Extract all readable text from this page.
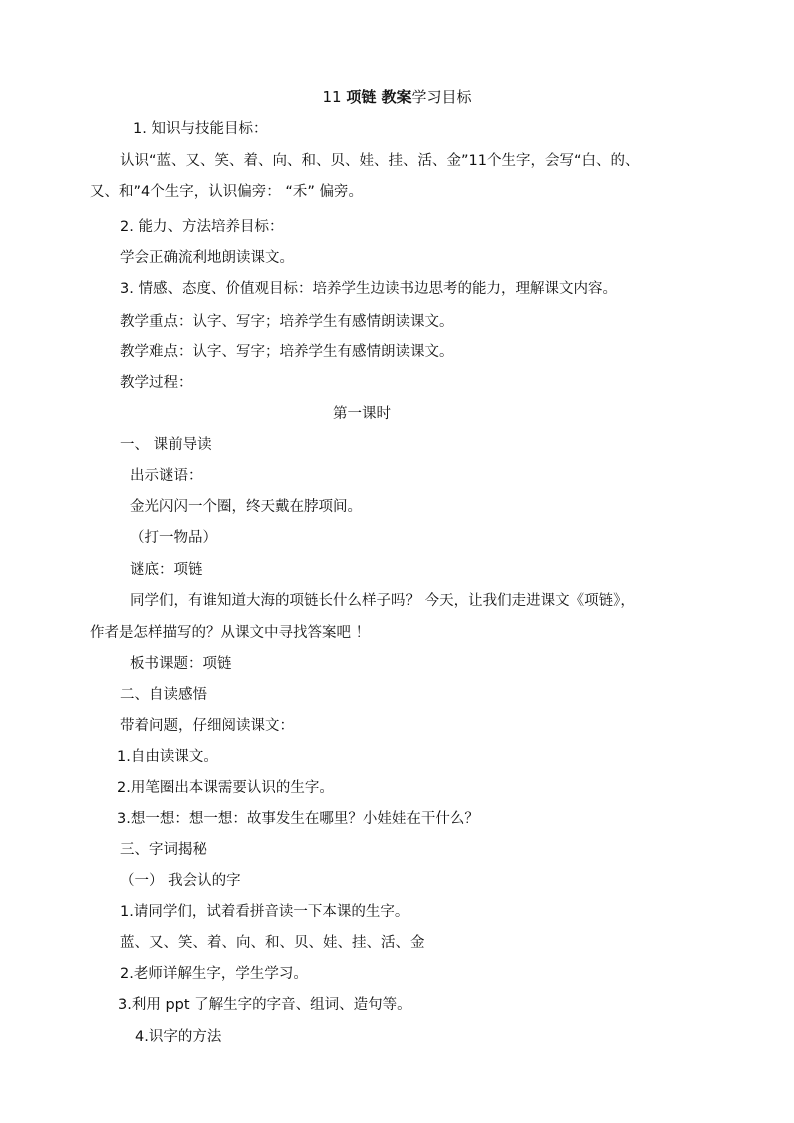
11 项链 教案学习目标
1. 知识与技能目标：
认识“蓝、又、笑、着、向、和、贝、娃、挂、活、金”11个生字，会写“白、的、
又、和”4个生字，认识偏旁： “禾” 偏旁。
2. 能力、方法培养目标：
学会正确流利地朗读课文。
3. 情感、态度、价值观目标：培养学生边读书边思考的能力，理解课文内容。
教学重点：认字、写字；培养学生有感情朗读课文。
教学难点：认字、写字；培养学生有感情朗读课文。
教学过程：
第一课时
一、 课前导读
出示谜语：
金光闪闪一个圈，终天戴在脖项间。
（打一物品）
谜底：项链
同学们，有谁知道大海的项链长什么样子吗？ 今天，让我们走进课文《项链》，
作者是怎样描写的？从课文中寻找答案吧 ！
板书课题：项链
二、自读感悟
带着问题，仔细阅读课文：
1.自由读课文。
2.用笔圈出本课需要认识的生字。
3.想一想：想一想：故事发生在哪里？小娃娃在干什么？
三、字词揭秘
（一） 我会认的字
1.请同学们，试着看拼音读一下本课的生字。
蓝、又、笑、着、向、和、贝、娃、挂、活、金
2.老师详解生字，学生学习。
3.利用 ppt 了解生字的字音、组词、造句等。
4.识字的方法
